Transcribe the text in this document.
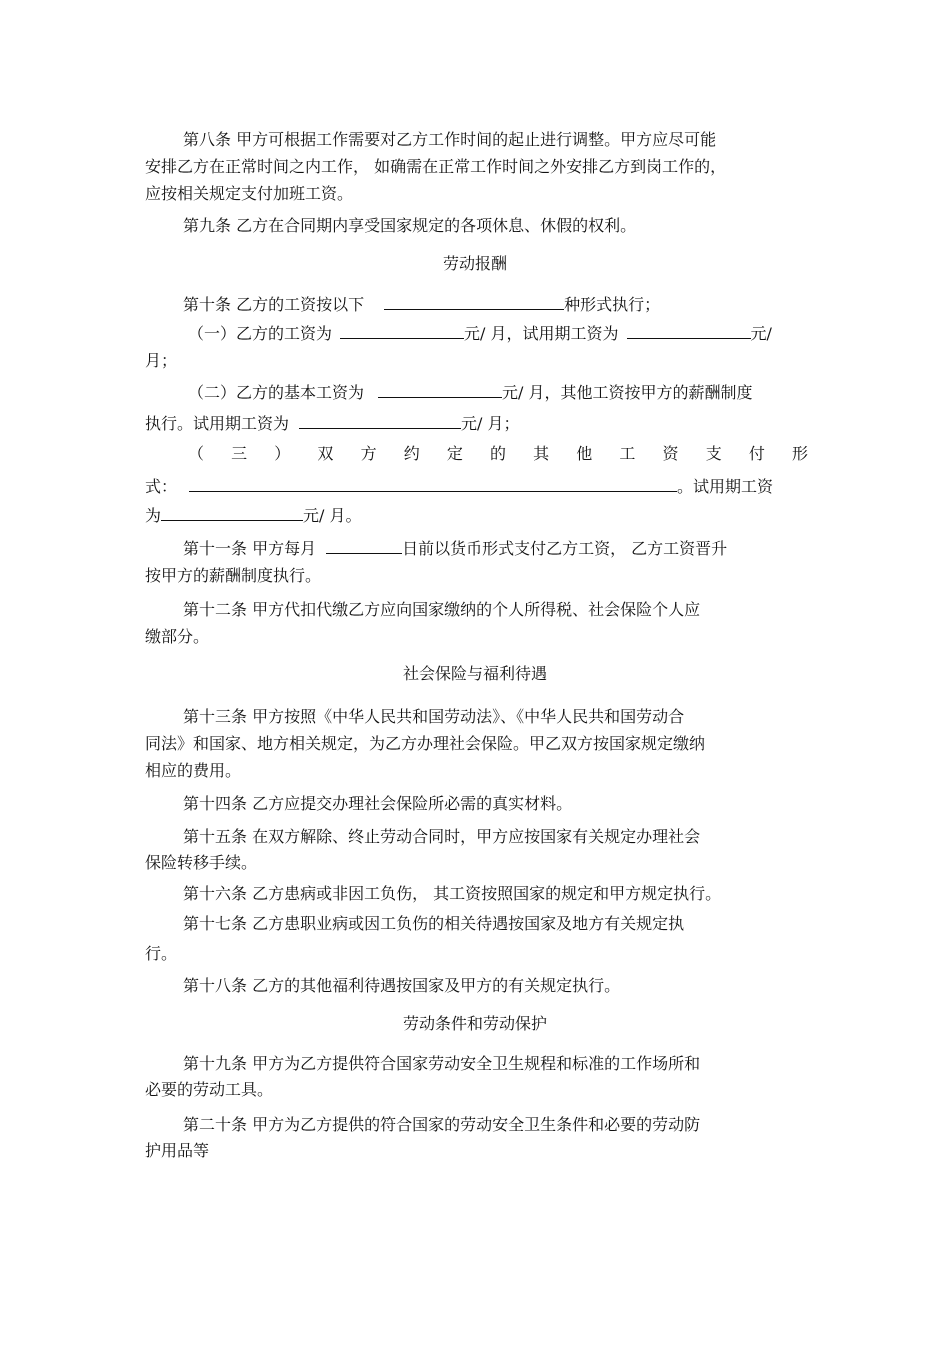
第八条 甲方可根据工作需要对乙方工作时间的起止进行调整。甲方应尽可能
安排乙方在正常时间之内工作， 如确需在正常工作时间之外安排乙方到岗工作的，
应按相关规定支付加班工资。
第九条 乙方在合同期内享受国家规定的各项休息、休假的权利。
劳动报酬
第十条 乙方的工资按以下	种形式执行；
（一）乙方的工资为	元/ 月，试用期工资为	元/
月；
（二）乙方的基本工资为	元/ 月，其他工资按甲方的薪酬制度
执行。试用期工资为	元/ 月；
（ 三 ） 双 方 约 定 的 其 他 工 资 支 付 形
式：	。试用期工资
为	元/ 月。
第十一条 甲方每月	日前以货币形式支付乙方工资， 乙方工资晋升
按甲方的薪酬制度执行。
第十二条 甲方代扣代缴乙方应向国家缴纳的个人所得税、社会保险个人应
缴部分。
社会保险与福利待遇
第十三条 甲方按照《中华人民共和国劳动法》、《中华人民共和国劳动合
同法》和国家、地方相关规定，为乙方办理社会保险。甲乙双方按国家规定缴纳
相应的费用。
第十四条 乙方应提交办理社会保险所必需的真实材料。
第十五条 在双方解除、终止劳动合同时，甲方应按国家有关规定办理社会
保险转移手续。
第十六条 乙方患病或非因工负伤， 其工资按照国家的规定和甲方规定执行。
第十七条 乙方患职业病或因工负伤的相关待遇按国家及地方有关规定执
行。
第十八条 乙方的其他福利待遇按国家及甲方的有关规定执行。
劳动条件和劳动保护
第十九条 甲方为乙方提供符合国家劳动安全卫生规程和标准的工作场所和
必要的劳动工具。
第二十条 甲方为乙方提供的符合国家的劳动安全卫生条件和必要的劳动防
护用品等
